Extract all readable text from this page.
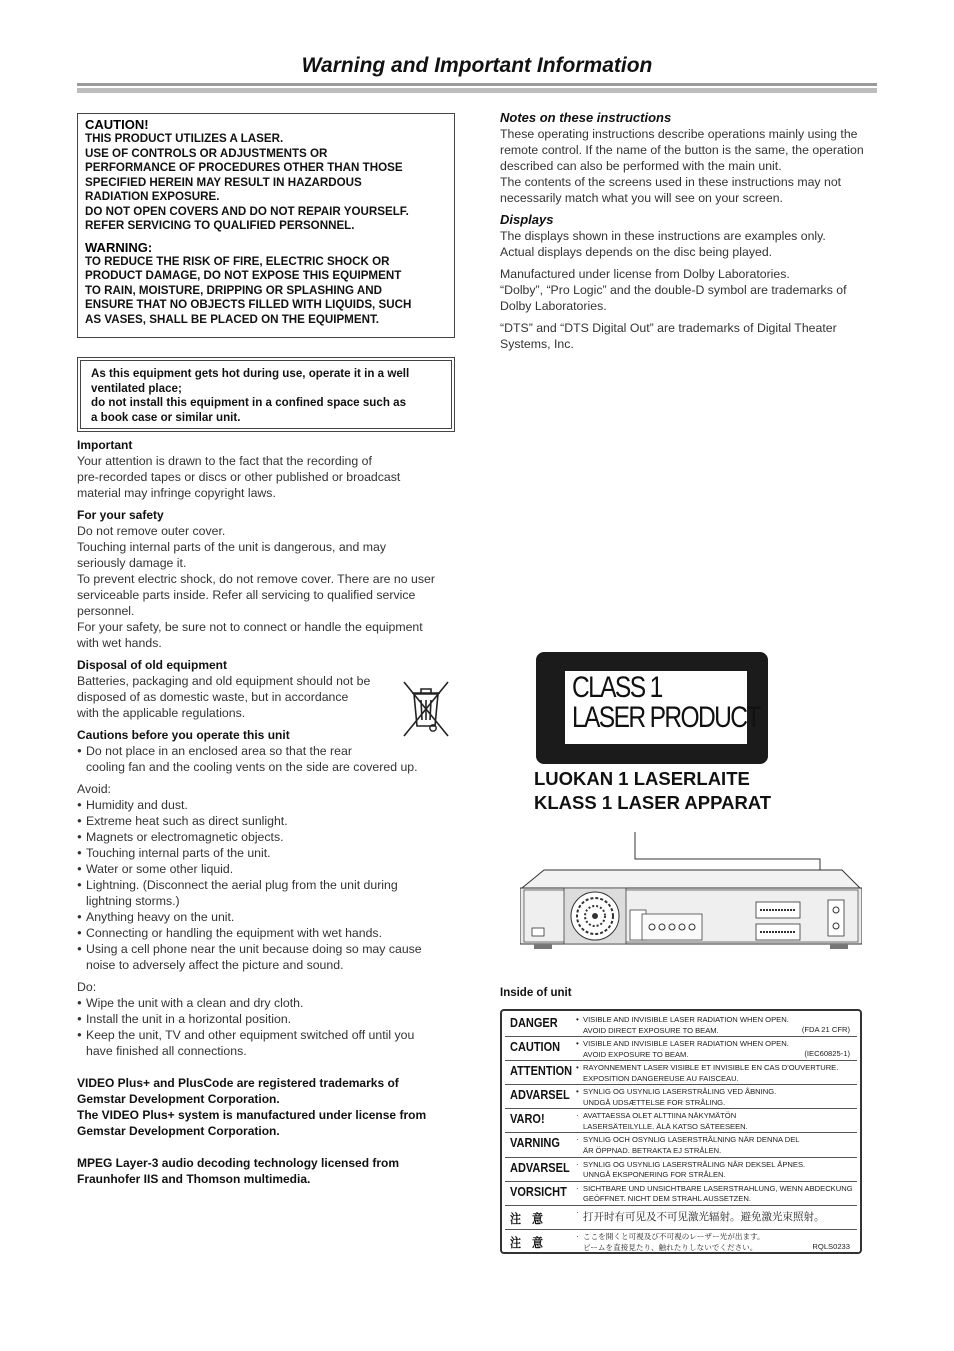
Warning and Important Information
CAUTION!
THIS PRODUCT UTILIZES A LASER.
USE OF CONTROLS OR ADJUSTMENTS OR
PERFORMANCE OF PROCEDURES OTHER THAN THOSE
SPECIFIED HEREIN MAY RESULT IN HAZARDOUS
RADIATION EXPOSURE.
DO NOT OPEN COVERS AND DO NOT REPAIR YOURSELF.
REFER SERVICING TO QUALIFIED PERSONNEL.
WARNING:
TO REDUCE THE RISK OF FIRE, ELECTRIC SHOCK OR
PRODUCT DAMAGE, DO NOT EXPOSE THIS EQUIPMENT
TO RAIN, MOISTURE, DRIPPING OR SPLASHING AND
ENSURE THAT NO OBJECTS FILLED WITH LIQUIDS, SUCH
AS VASES, SHALL BE PLACED ON THE EQUIPMENT.
As this equipment gets hot during use, operate it in a well
ventilated place;
do not install this equipment in a confined space such as
a book case or similar unit.
Important
Your attention is drawn to the fact that the recording of
pre-recorded tapes or discs or other published or broadcast
material may infringe copyright laws.
For your safety
Do not remove outer cover.
Touching internal parts of the unit is dangerous, and may
seriously damage it.
To prevent electric shock, do not remove cover. There are no user
serviceable parts inside. Refer all servicing to qualified service
personnel.
For your safety, be sure not to connect or handle the equipment
with wet hands.
Disposal of old equipment
Batteries, packaging and old equipment should not be
disposed of as domestic waste, but in accordance
with the applicable regulations.
Cautions before you operate this unit
● Do not place in an enclosed area so that the rear
cooling fan and the cooling vents on the side are covered up.
Avoid:
● Humidity and dust.
● Extreme heat such as direct sunlight.
● Magnets or electromagnetic objects.
● Touching internal parts of the unit.
● Water or some other liquid.
● Lightning. (Disconnect the aerial plug from the unit during
lightning storms.)
● Anything heavy on the unit.
● Connecting or handling the equipment with wet hands.
● Using a cell phone near the unit because doing so may cause
noise to adversely affect the picture and sound.
Do:
● Wipe the unit with a clean and dry cloth.
● Install the unit in a horizontal position.
● Keep the unit, TV and other equipment switched off until you
have finished all connections.
VIDEO Plus+ and PlusCode are registered trademarks of
Gemstar Development Corporation.
The VIDEO Plus+ system is manufactured under license from
Gemstar Development Corporation.
MPEG Layer-3 audio decoding technology licensed from
Fraunhofer IIS and Thomson multimedia.
Notes on these instructions
These operating instructions describe operations mainly using the
remote control. If the name of the button is the same, the operation
described can also be performed with the main unit.
The contents of the screens used in these instructions may not
necessarily match what you will see on your screen.
Displays
The displays shown in these instructions are examples only.
Actual displays depends on the disc being played.
Manufactured under license from Dolby Laboratories.
“Dolby”, “Pro Logic” and the double-D symbol are trademarks of
Dolby Laboratories.
“DTS” and “DTS Digital Out” are trademarks of Digital Theater
Systems, Inc.
CLASS 1
LASER PRODUCT
LUOKAN 1 LASERLAITE
KLASS 1 LASER APPARAT
Inside of unit
DANGER • VISIBLE AND INVISIBLE LASER RADIATION WHEN OPEN.
AVOID DIRECT EXPOSURE TO BEAM.	(FDA 21 CFR)
CAUTION • VISIBLE AND INVISIBLE LASER RADIATION WHEN OPEN.
AVOID EXPOSURE TO BEAM.	(IEC60825-1)
ATTENTION • RAYONNEMENT LASER VISIBLE ET INVISIBLE EN CAS D'OUVERTURE.
EXPOSITION DANGEREUSE AU FAISCEAU.
ADVARSEL • SYNLIG OG USYNLIG LASERSTRÅLING VED ÅBNING.
UNDGÅ UDSÆTTELSE FOR STRÅLING.
VARO!	· AVATTAESSA OLET ALTTIINA NÄKYMÄTÖN
LASERSÄTEILYLLE. ÄLÄ KATSO SÄTEESEEN.
VARNING · SYNLIG OCH OSYNLIG LASERSTRÅLNING NÄR DENNA DEL
ÄR ÖPPNAD. BETRAKTA EJ STRÅLEN.
ADVARSEL · SYNLIG OG USYNLIG LASERSTRÅLING NÅR DEKSEL ÅPNES.
UNNGÅ EKSPONERING FOR STRÅLEN.
VORSICHT · SICHTBARE UND UNSICHTBARE LASERSTRAHLUNG, WENN ABDECKUNG
GEÖFFNET. NICHT DEM STRAHL AUSSETZEN.
注　意	· 打开时有可见及不可见激光辐射。避免激光束照射。
注　意	· ここを開くと可視及び不可視のレーザー光が出ます。
ビームを直接見たり、触れたりしないでください。	RQLS0233
